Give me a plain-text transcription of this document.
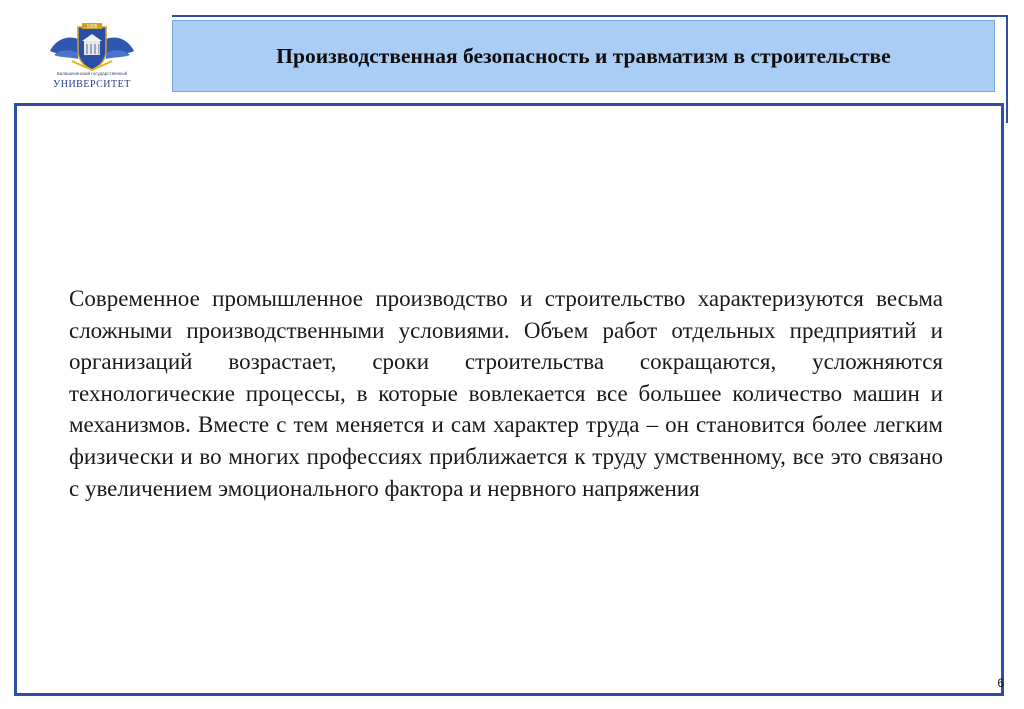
1995
Балашихинский государственный
УНИВЕРСИТЕТ
Производственная безопасность и травматизм в строительстве

Современное промышленное производство и строительство характеризуются весьма сложными производственными условиями. Объем работ отдельных предприятий и организаций возрастает, сроки строительства сокращаются, усложняются технологические процессы, в которые вовлекается все большее количество машин и механизмов. Вместе с тем меняется и сам характер труда – он становится более легким физически и во многих профессиях приближается к труду умственному, все это связано с увеличением эмоционального фактора и нервного напряжения

6
